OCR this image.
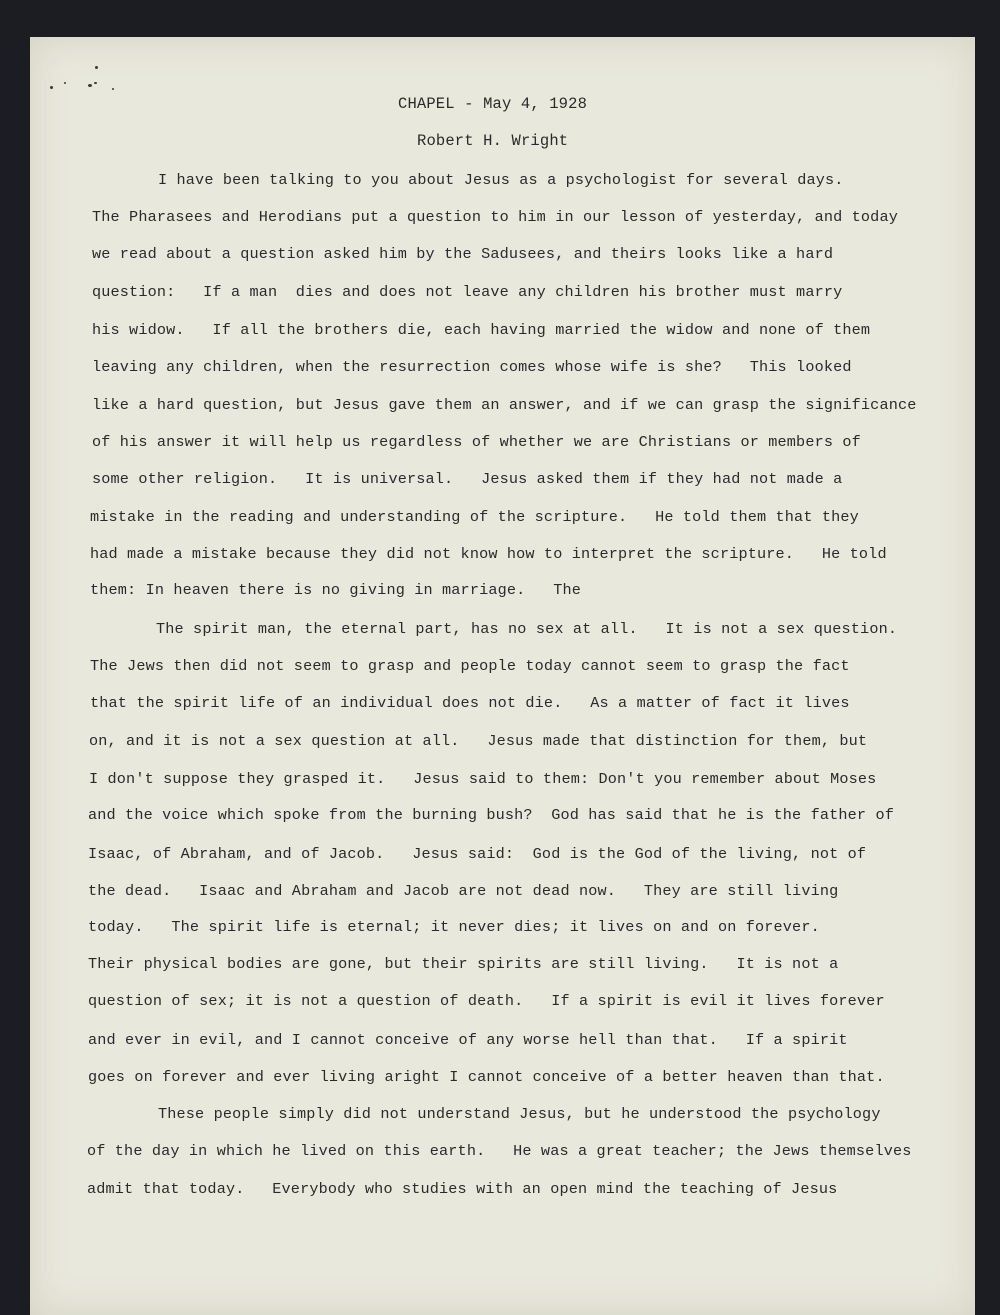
CHAPEL - May 4, 1928
Robert H. Wright
I have been talking to you about Jesus as a psychologist for several days.
The Pharasees and Herodians put a question to him in our lesson of yesterday, and today
we read about a question asked him by the Sadusees, and theirs looks like a hard
question:   If a man  dies and does not leave any children his brother must marry
his widow.   If all the brothers die, each having married the widow and none of them
leaving any children, when the resurrection comes whose wife is she?   This looked
like a hard question, but Jesus gave them an answer, and if we can grasp the significance
of his answer it will help us regardless of whether we are Christians or members of
some other religion.   It is universal.   Jesus asked them if they had not made a
mistake in the reading and understanding of the scripture.   He told them that they
had made a mistake because they did not know how to interpret the scripture.   He told
them: In heaven there is no giving in marriage.   The
The spirit man, the eternal part, has no sex at all.   It is not a sex question.
The Jews then did not seem to grasp and people today cannot seem to grasp the fact
that the spirit life of an individual does not die.   As a matter of fact it lives
on, and it is not a sex question at all.   Jesus made that distinction for them, but
I don't suppose they grasped it.   Jesus said to them: Don't you remember about Moses
and the voice which spoke from the burning bush?  God has said that he is the father of
Isaac, of Abraham, and of Jacob.   Jesus said:  God is the God of the living, not of
the dead.   Isaac and Abraham and Jacob are not dead now.   They are still living
today.   The spirit life is eternal; it never dies; it lives on and on forever.
Their physical bodies are gone, but their spirits are still living.   It is not a
question of sex; it is not a question of death.   If a spirit is evil it lives forever
and ever in evil, and I cannot conceive of any worse hell than that.   If a spirit
goes on forever and ever living aright I cannot conceive of a better heaven than that.
These people simply did not understand Jesus, but he understood the psychology
of the day in which he lived on this earth.   He was a great teacher; the Jews themselves
admit that today.   Everybody who studies with an open mind the teaching of Jesus
